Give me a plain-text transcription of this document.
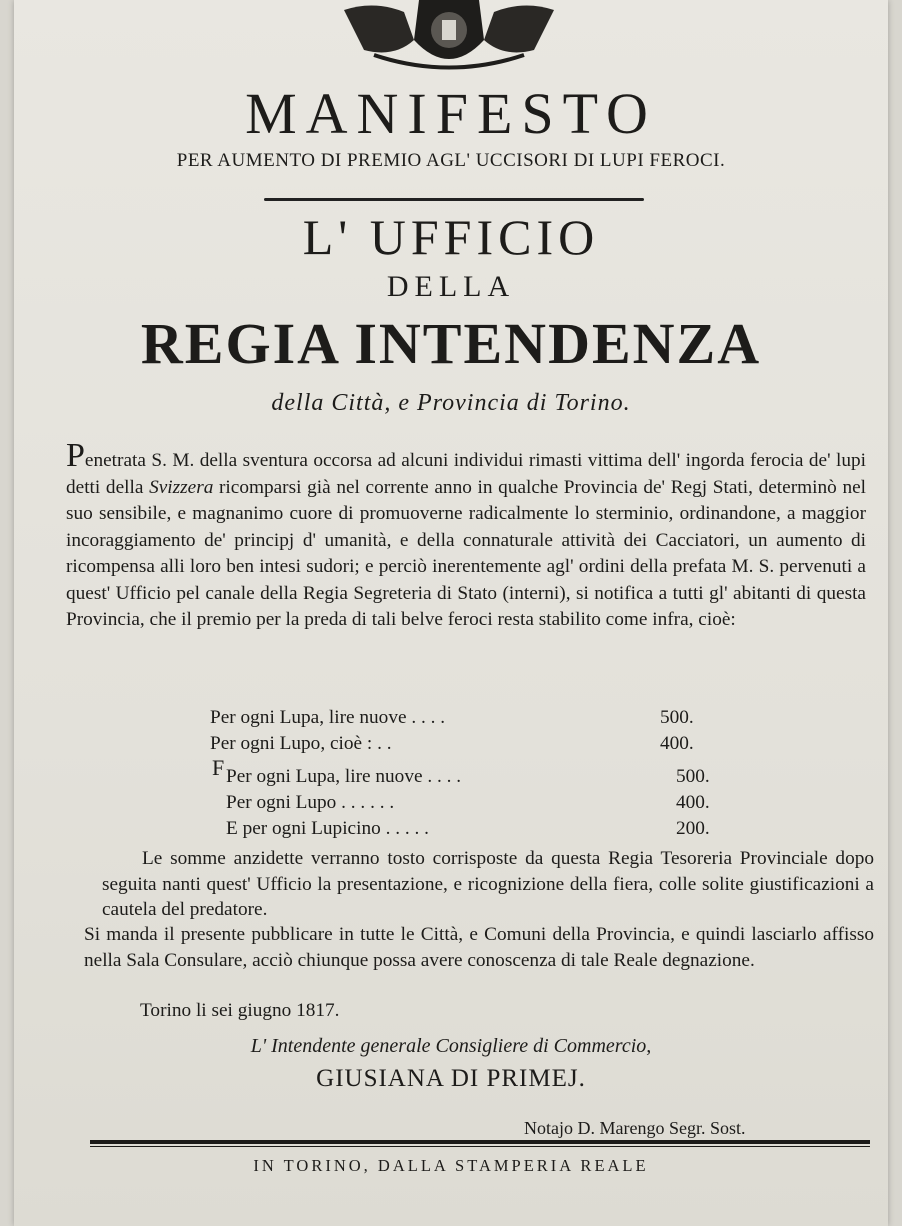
MANIFESTO
PER AUMENTO DI PREMIO AGL' UCCISORI DI LUPI FEROCI.
L' UFFICIO
DELLA
REGIA INTENDENZA
della Città, e Provincia di Torino.
Penetrata S. M. della sventura occorsa ad alcuni individui rimasti vittima dell' ingorda ferocia de' lupi detti della Svizzera ricomparsi già nel corrente anno in qualche Provincia de' Regj Stati, determinò nel suo sensibile, e magnanimo cuore di promuoverne radicalmente lo sterminio, ordinandone, a maggior incoraggiamento de' principj d' umanità, e della connaturale attività dei Cacciatori, un aumento di ricompensa alli loro ben intesi sudori; e perciò inerentemente agl' ordini della prefata M. S. pervenuti a quest' Ufficio pel canale della Regia Segreteria di Stato (interni), si notifica a tutti gl' abitanti di questa Provincia, che il premio per la preda di tali belve feroci resta stabilito come infra, cioè:
Per ogni Lupa, lire nuove . . . .	500.
Per ogni Lupo, cioè : . .	400.
F Per ogni Lupa, lire nuove . . . .	500.
Per ogni Lupo . . . . . .	400.
E per ogni Lupicino . . . . .	200.
Le somme anzidette verranno tosto corrisposte da questa Regia Tesoreria Provinciale dopo seguita nanti quest' Ufficio la presentazione, e ricognizione della fiera, colle solite giustificazioni a cautela del predatore.
Si manda il presente pubblicare in tutte le Città, e Comuni della Provincia, e quindi lasciarlo affisso nella Sala Consulare, acciò chiunque possa avere conoscenza di tale Reale degnazione.
Torino li sei giugno 1817.
L' Intendente generale Consigliere di Commercio,
GIUSIANA DI PRIMEJ.
Notajo D. Marengo Segr. Sost.
IN TORINO, DALLA STAMPERIA REALE
